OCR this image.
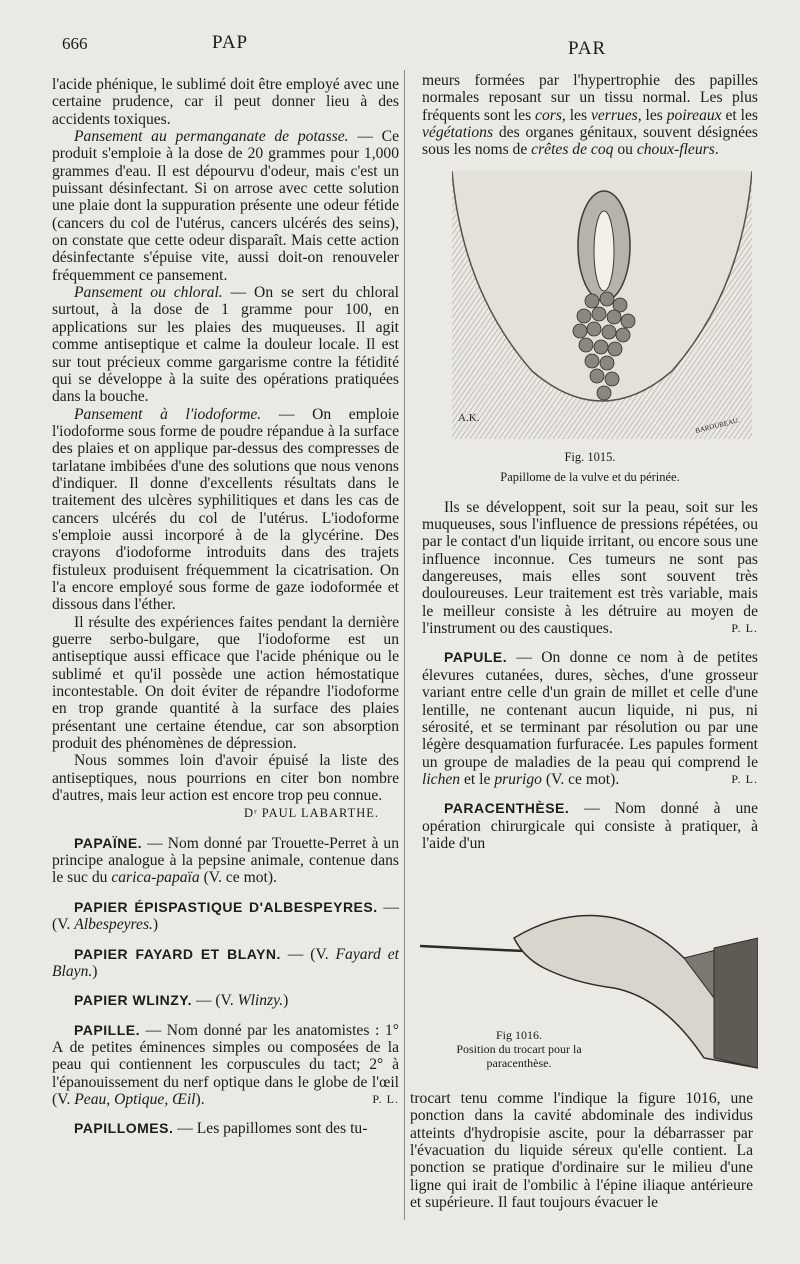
666	PAP	PAR

l'acide phénique, le sublimé doit être employé avec une certaine prudence, car il peut donner lieu à des accidents toxiques.

Pansement au permanganate de potasse. — Ce produit s'emploie à la dose de 20 grammes pour 1,000 grammes d'eau. Il est dépourvu d'odeur, mais c'est un puissant désinfectant. Si on arrose avec cette solution une plaie dont la suppuration présente une odeur fétide (cancers du col de l'utérus, cancers ulcérés des seins), on constate que cette odeur disparaît. Mais cette action désinfectante s'épuise vite, aussi doit-on renouveler fréquemment ce pansement.

Pansement ou chloral. — On se sert du chloral surtout, à la dose de 1 gramme pour 100, en applications sur les plaies des muqueuses. Il agit comme antiseptique et calme la douleur locale. Il est sur tout précieux comme gargarisme contre la fétidité qui se développe à la suite des opérations pratiquées dans la bouche.

Pansement à l'iodoforme. — On emploie l'iodoforme sous forme de poudre répandue à la surface des plaies et on applique par-dessus des compresses de tarlatane imbibées d'une des solutions que nous venons d'indiquer. Il donne d'excellents résultats dans le traitement des ulcères syphilitiques et dans les cas de cancers ulcérés du col de l'utérus. L'iodoforme s'emploie aussi incorporé à de la glycérine. Des crayons d'iodoforme introduits dans des trajets fistuleux produisent fréquemment la cicatrisation. On l'a encore employé sous forme de gaze iodoformée et dissous dans l'éther.

Il résulte des expériences faites pendant la dernière guerre serbo-bulgare, que l'iodoforme est un antiseptique aussi efficace que l'acide phénique ou le sublimé et qu'il possède une action hémostatique incontestable. On doit éviter de répandre l'iodoforme en trop grande quantité à la surface des plaies présentant une certaine étendue, car son absorption produit des phénomènes de dépression.

Nous sommes loin d'avoir épuisé la liste des antiseptiques, nous pourrions en citer bon nombre d'autres, mais leur action est encore trop peu connue.

Dʳ PAUL LABARTHE.

PAPAÏNE. — Nom donné par Trouette-Perret à un principe analogue à la pepsine animale, contenue dans le suc du carica-papaïa (V. ce mot).

PAPIER ÉPISPASTIQUE D'ALBESPEYRES. — (V. Albespeyres.)

PAPIER FAYARD ET BLAYN. — (V. Fayard et Blayn.)

PAPIER WLINZY. — (V. Wlinzy.)

PAPILLE. — Nom donné par les anatomistes : 1° A de petites éminences simples ou composées de la peau qui contiennent les corpuscules du tact; 2° à l'épanouissement du nerf optique dans le globe de l'œil (V. Peau, Optique, Œil).	P. L.

PAPILLOMES. — Les papillomes sont des tu-

meurs formées par l'hypertrophie des papilles normales reposant sur un tissu normal. Les plus fréquents sont les cors, les verrues, les poireaux et les végétations des organes génitaux, souvent désignées sous les noms de crêtes de coq ou choux-fleurs.

A.K.	BAROUREAU.
Fig. 1015.
Papillome de la vulve et du périnée.

Ils se développent, soit sur la peau, soit sur les muqueuses, sous l'influence de pressions répétées, ou par le contact d'un liquide irritant, ou encore sous une influence inconnue. Ces tumeurs ne sont pas dangereuses, mais elles sont souvent très douloureuses. Leur traitement est très variable, mais le meilleur consiste à les détruire au moyen de l'instrument ou des caustiques.	P. L.

PAPULE. — On donne ce nom à de petites élevures cutanées, dures, sèches, d'une grosseur variant entre celle d'un grain de millet et celle d'une lentille, ne contenant aucun liquide, ni pus, ni sérosité, et se terminant par résolution ou par une légère desquamation furfuracée. Les papules forment un groupe de maladies de la peau qui comprend le lichen et le prurigo (V. ce mot).	P. L.

PARACENTHÈSE. — Nom donné à une opération chirurgicale qui consiste à pratiquer, à l'aide d'un

Fig 1016.
Position du trocart pour la paracenthèse.

trocart tenu comme l'indique la figure 1016, une ponction dans la cavité abdominale des individus atteints d'hydropisie ascite, pour la débarrasser par l'évacuation du liquide séreux qu'elle contient. La ponction se pratique d'ordinaire sur le milieu d'une ligne qui irait de l'ombilic à l'épine iliaque antérieure et supérieure. Il faut toujours évacuer le
